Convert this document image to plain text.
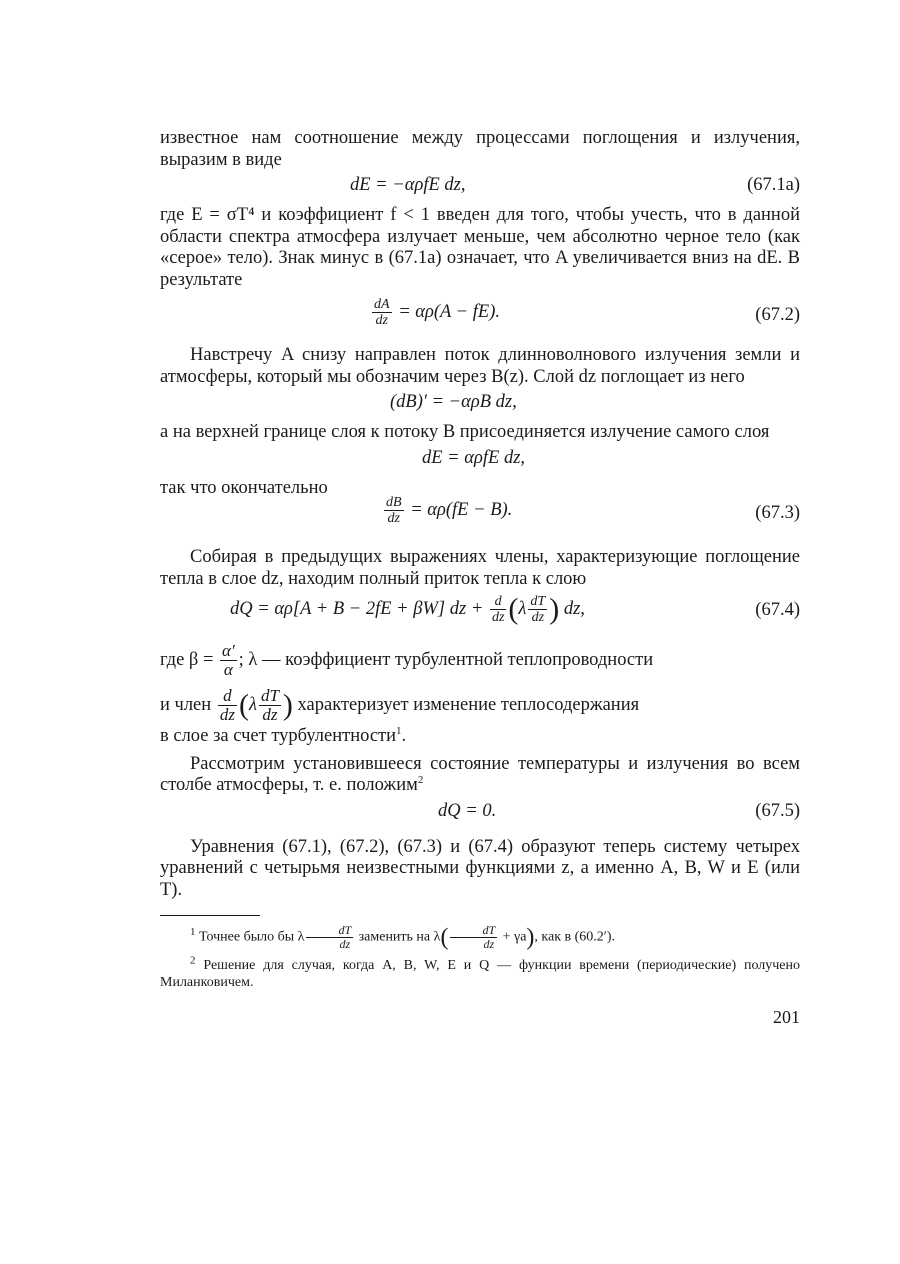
известное нам соотношение между процессами поглощения и излучения, выразим в виде

dE = −αρfE dz,	(67.1а)

где E = σT⁴ и коэффициент f < 1 введен для того, чтобы учесть, что в данной области спектра атмосфера излучает меньше, чем абсолютно черное тело (как «серое» тело). Знак минус в (67.1а) означает, что A увеличивается вниз на dE. В результате

$\frac{dA}{dz} = \alpha\rho(A - fE)$.	(67.2)

Навстречу A снизу направлен поток длинноволнового излучения земли и атмосферы, который мы обозначим через B(z). Слой dz поглощает из него

(dB)′ = −αρB dz,

а на верхней границе слоя к потоку B присоединяется излучение самого слоя

dE = αρfE dz,

так что окончательно

$\frac{dB}{dz} = \alpha\rho(fE - B)$.	(67.3)

Собирая в предыдущих выражениях члены, характеризующие поглощение тепла в слое dz, находим полный приток тепла к слою

dQ = αρ[A + B − 2fE + βW] dz + $\frac{d}{dz} (\lambda \frac{dT}{dz}$ ) dz,	(67.4)

где $\beta = \frac{\alpha'}{\alpha}$ ; λ — коэффициент турбулентной теплопроводности

и член $\frac{d}{dz} (\lambda \frac{dT}{dz}$ ) характеризует изменение теплосодержания

в слое за счет турбулентности$^1$.

Рассмотрим установившееся состояние температуры и излучения во всем столбе атмосферы, т. е. положим$^2$

dQ = 0.	(67.5)

Уравнения (67.1), (67.2), (67.3) и (67.4) образуют теперь систему четырех уравнений с четырьмя неизвестными функциями z, а именно A, B, W и E (или T).

$^1$ Точнее было бы λ $\frac{dT}{dz}$ заменить на $\lambda( \frac{dT}{dz} + \gamma а)$, как в (60.2′).

$^2$ Решение для случая, когда A, B, W, E и Q — функции времени (периодические) получено Миланковичем.

201
